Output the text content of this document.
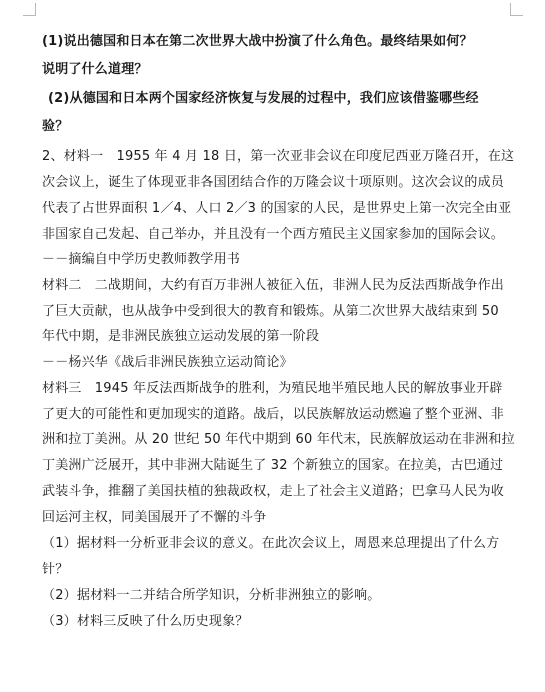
(1)说出德国和日本在第二次世界大战中扮演了什么角色。最终结果如何？
说明了什么道理？
(2)从德国和日本两个国家经济恢复与发展的过程中，我们应该借鉴哪些经
验？
2、材料一　1955 年 4 月 18 日，第一次亚非会议在印度尼西亚万隆召开，在这
次会议上，诞生了体现亚非各国团结合作的万隆会议十项原则。这次会议的成员
代表了占世界面积 1／4、人口 2／3 的国家的人民，是世界史上第一次完全由亚
非国家自己发起、自己举办，并且没有一个西方殖民主义国家参加的国际会议。
－－摘编自中学历史教师教学用书
材料二　二战期间，大约有百万非洲人被征入伍，非洲人民为反法西斯战争作出
了巨大贡献，也从战争中受到很大的教育和锻炼。从第二次世界大战结束到 50
年代中期，是非洲民族独立运动发展的第一阶段
－－杨兴华《战后非洲民族独立运动简论》
材料三　1945 年反法西斯战争的胜利，为殖民地半殖民地人民的解放事业开辟
了更大的可能性和更加现实的道路。战后，以民族解放运动燃遍了整个亚洲、非
洲和拉丁美洲。从 20 世纪 50 年代中期到 60 年代末，民族解放运动在非洲和拉
丁美洲广泛展开，其中非洲大陆诞生了 32 个新独立的国家。在拉美，古巴通过
武装斗争，推翻了美国扶植的独裁政权，走上了社会主义道路；巴拿马人民为收
回运河主权，同美国展开了不懈的斗争
（1）据材料一分析亚非会议的意义。在此次会议上，周恩来总理提出了什么方
针？
（2）据材料一二并结合所学知识，分析非洲独立的影响。
（3）材料三反映了什么历史现象？
